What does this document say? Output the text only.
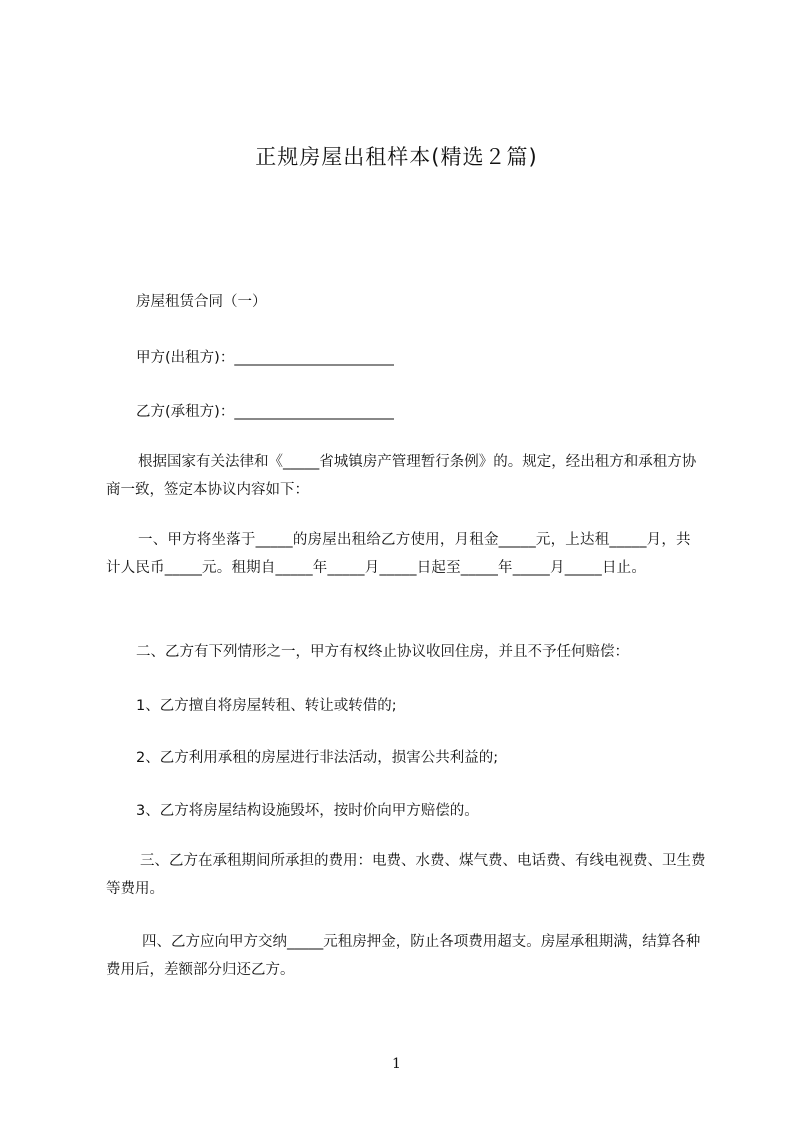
正规房屋出租样本(精选２篇)
房屋租赁合同（一）
甲方(出租方)：______________________
乙方(承租方)：______________________
根据国家有关法律和《_____省城镇房产管理暂行条例》的。规定，经出租方和承租方协商一致，签定本协议内容如下：
一、甲方将坐落于_____的房屋出租给乙方使用，月租金_____元，上达租_____月，共计人民币_____元。租期自_____年_____月_____日起至_____年_____月_____日止。
二、乙方有下列情形之一，甲方有权终止协议收回住房，并且不予任何赔偿：
1、乙方擅自将房屋转租、转让或转借的;
2、乙方利用承租的房屋进行非法活动，损害公共利益的;
3、乙方将房屋结构设施毁坏，按时价向甲方赔偿的。
三、乙方在承租期间所承担的费用：电费、水费、煤气费、电话费、有线电视费、卫生费等费用。
四、乙方应向甲方交纳_____元租房押金，防止各项费用超支。房屋承租期满，结算各种费用后，差额部分归还乙方。
1
